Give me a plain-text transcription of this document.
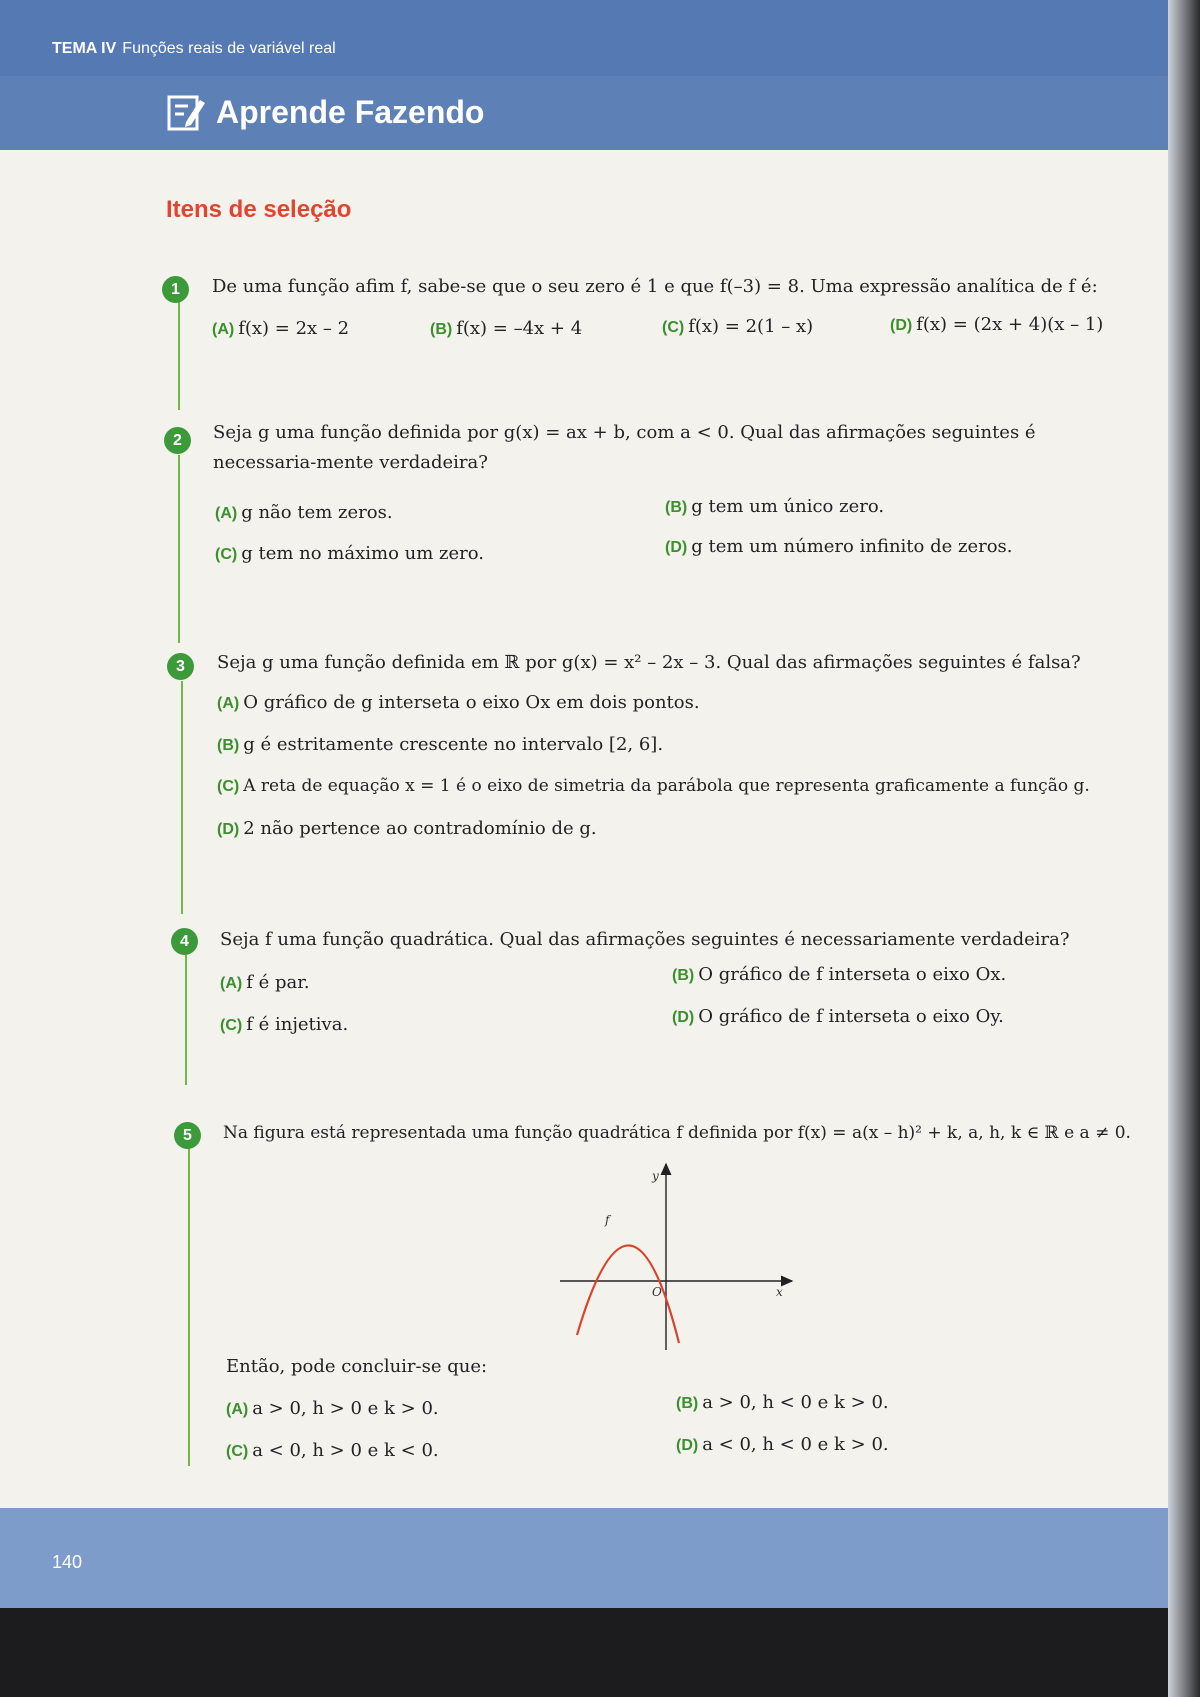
TEMA IV Funções reais de variável real
Aprende Fazendo
Itens de seleção
1	De uma função afim f, sabe-se que o seu zero é 1 e que f(–3) = 8. Uma expressão analítica de f é:
(A) f(x) = 2x – 2	(B) f(x) = –4x + 4	(C) f(x) = 2(1 – x)	(D) f(x) = (2x + 4)(x – 1)
2	Seja g uma função definida por g(x) = ax + b, com a < 0. Qual das afirmações seguintes é necessaria-mente verdadeira?
(A) g não tem zeros.	(B) g tem um único zero.
(C) g tem no máximo um zero.	(D) g tem um número infinito de zeros.
3	Seja g uma função definida em ℝ por g(x) = x² – 2x – 3. Qual das afirmações seguintes é falsa?
(A) O gráfico de g interseta o eixo Ox em dois pontos.
(B) g é estritamente crescente no intervalo [2, 6].
(C) A reta de equação x = 1 é o eixo de simetria da parábola que representa graficamente a função g.
(D) 2 não pertence ao contradomínio de g.
4	Seja f uma função quadrática. Qual das afirmações seguintes é necessariamente verdadeira?
(A) f é par.	(B) O gráfico de f interseta o eixo Ox.
(C) f é injetiva.	(D) O gráfico de f interseta o eixo Oy.
5	Na figura está representada uma função quadrática f definida por f(x) = a(x – h)² + k, a, h, k ∈ ℝ e a ≠ 0.
f
y
x
O
Então, pode concluir-se que:
(A) a > 0, h > 0 e k > 0.	(B) a > 0, h < 0 e k > 0.
(C) a < 0, h > 0 e k < 0.	(D) a < 0, h < 0 e k > 0.
140
